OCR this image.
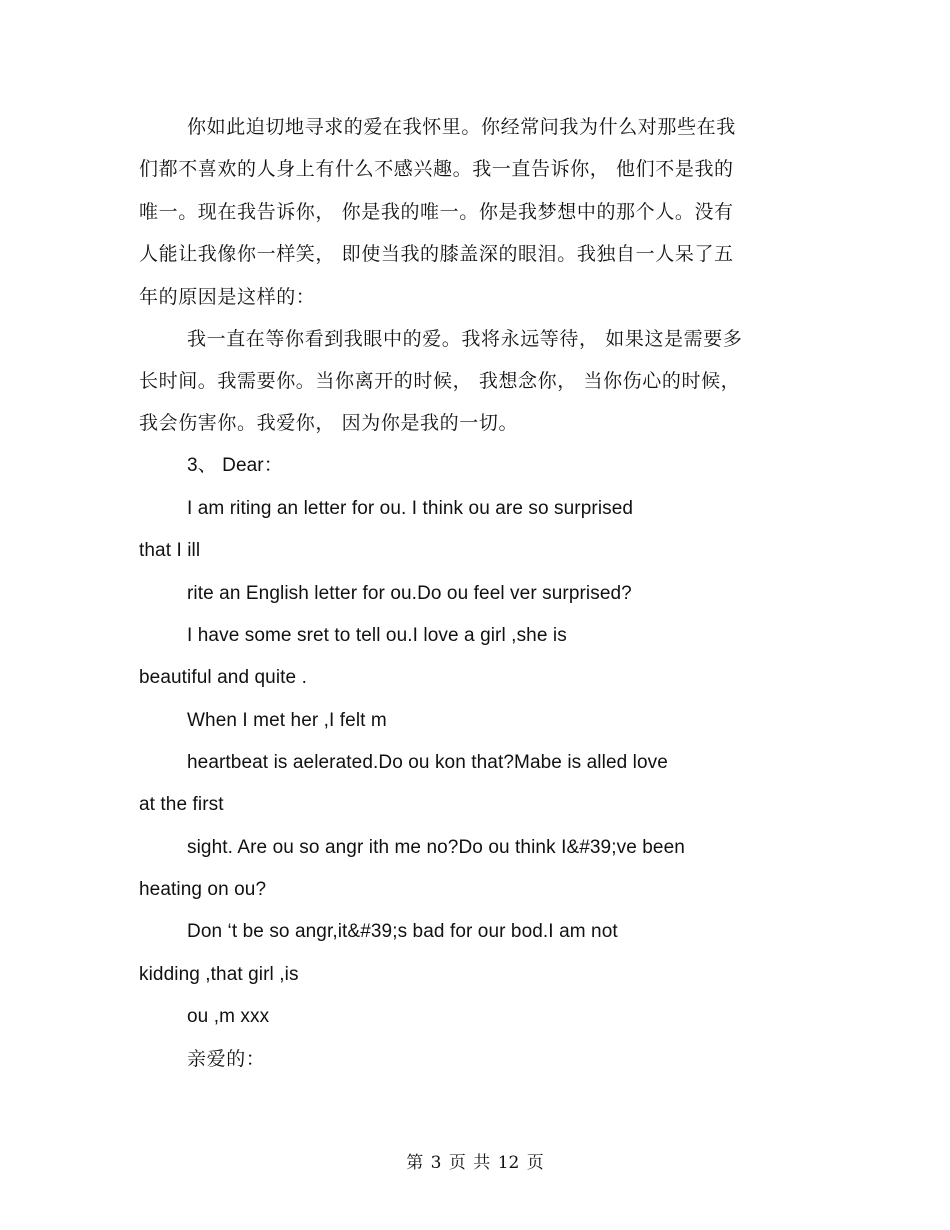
你如此迫切地寻求的爱在我怀里。你经常问我为什么对那些在我
们都不喜欢的人身上有什么不感兴趣。我一直告诉你， 他们不是我的
唯一。现在我告诉你， 你是我的唯一。你是我梦想中的那个人。没有
人能让我像你一样笑， 即使当我的膝盖深的眼泪。我独自一人呆了五
年的原因是这样的：
我一直在等你看到我眼中的爱。我将永远等待， 如果这是需要多
长时间。我需要你。当你离开的时候， 我想念你， 当你伤心的时候，
我会伤害你。我爱你， 因为你是我的一切。
3、 Dear：
I am riting an letter for ou. I think ou are so surprised
that I ill
rite an English letter for ou.Do ou feel ver surprised?
I have some sret to tell ou.I love a girl ,she is
beautiful and quite .
When I met her ,I felt m
heartbeat is aelerated.Do ou kon that?Mabe is alled love
at the first
sight. Are ou so angr ith me no?Do ou think I&#39;ve been
heating on ou?
Don ‘t be so angr,it&#39;s bad for our bod.I am not
kidding ,that girl ,is
ou ,m xxx
亲爱的：
第 3 页 共 12 页
